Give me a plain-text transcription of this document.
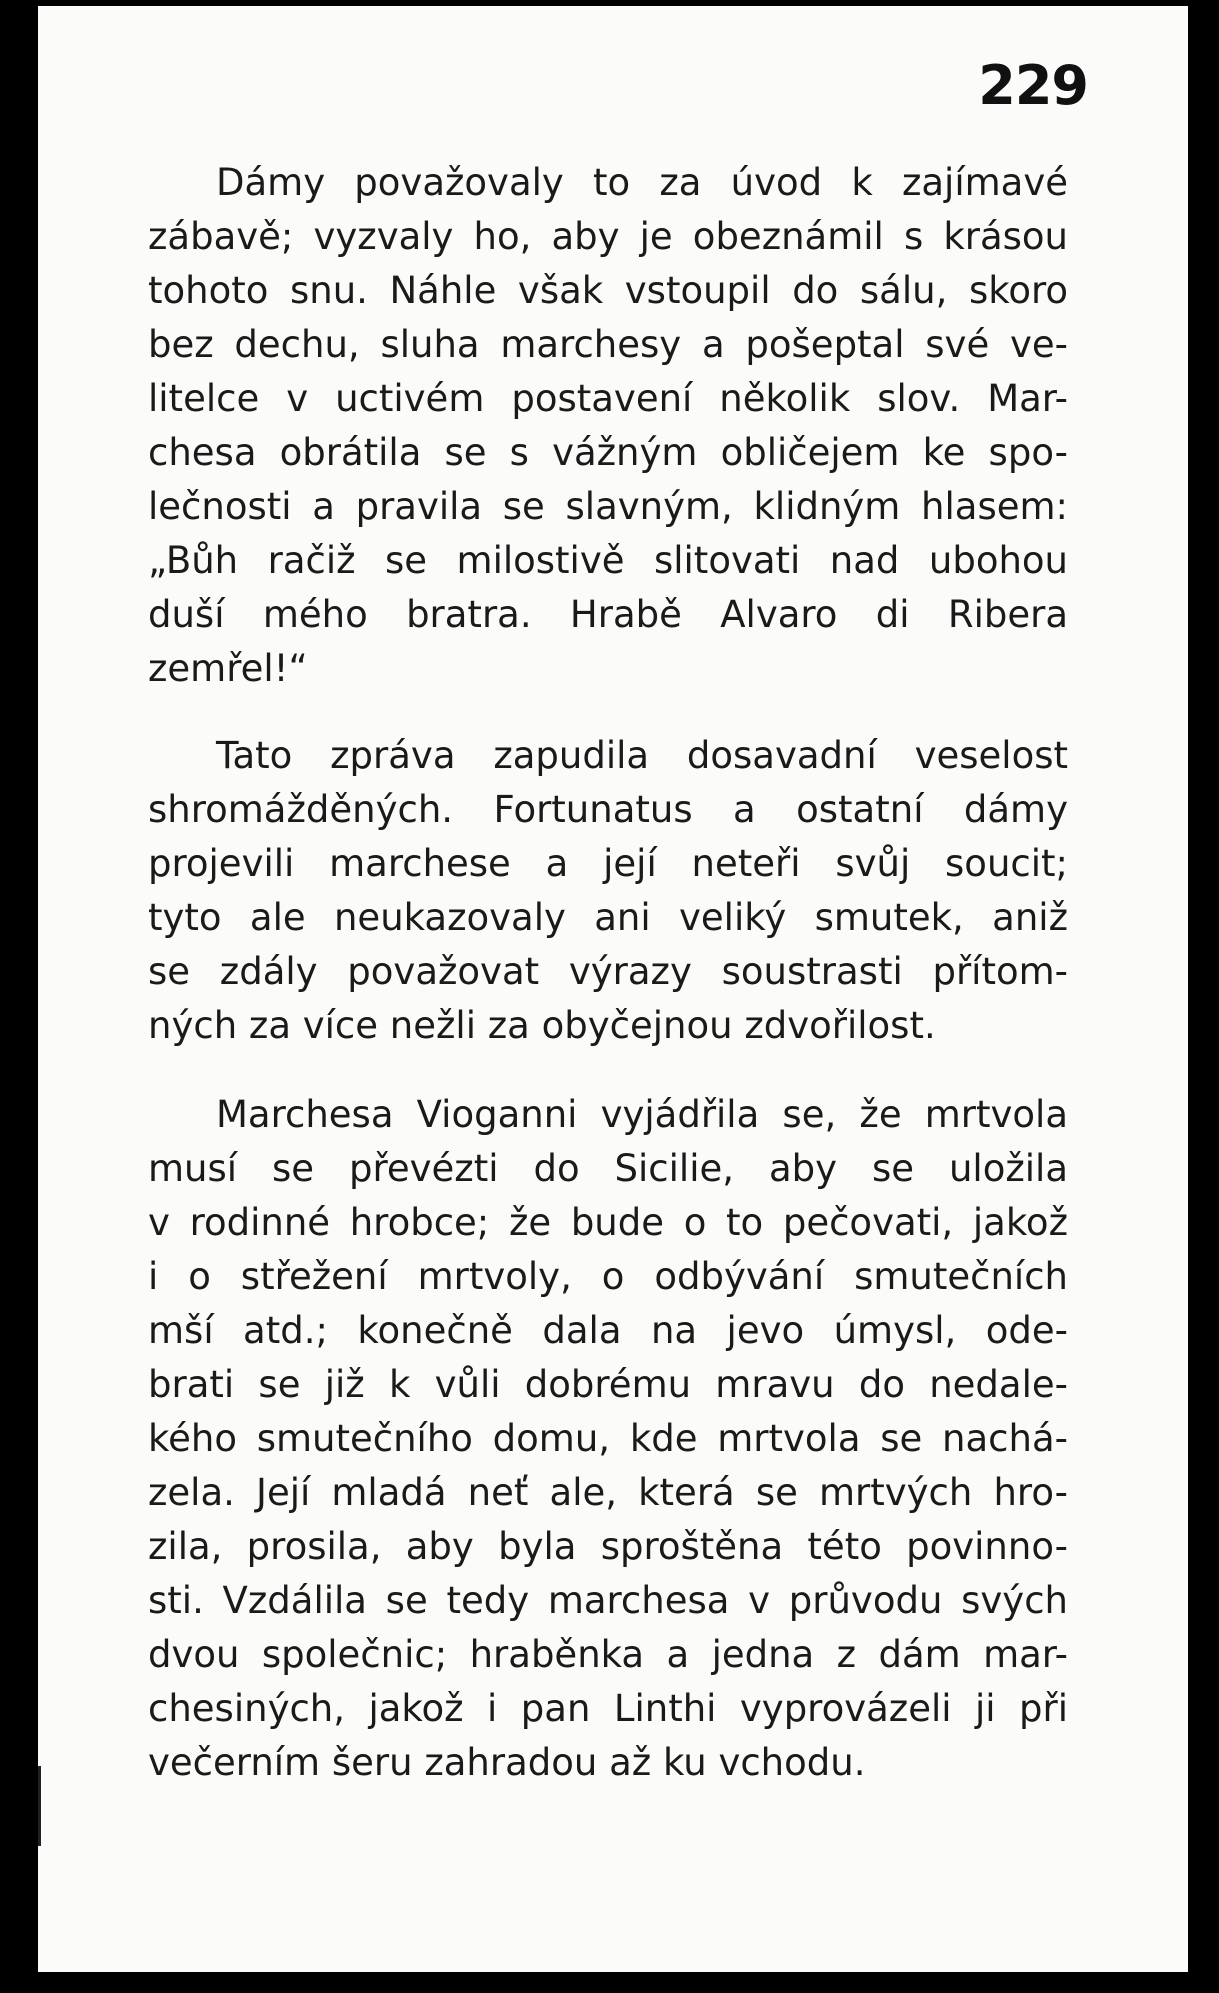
229
Dámy považovaly to za úvod k zajímavé
zábavě; vyzvaly ho, aby je obeznámil s krásou
tohoto snu. Náhle však vstoupil do sálu, skoro
bez dechu, sluha marchesy a pošeptal své ve-
litelce v uctivém postavení několik slov. Mar-
chesa obrátila se s vážným obličejem ke spo-
lečnosti a pravila se slavným, klidným hlasem:
„Bůh račiž se milostivě slitovati nad ubohou
duší mého bratra. Hrabě Alvaro di Ribera
zemřel!“
Tato zpráva zapudila dosavadní veselost
shromážděných. Fortunatus a ostatní dámy
projevili marchese a její neteři svůj soucit;
tyto ale neukazovaly ani veliký smutek, aniž
se zdály považovat výrazy soustrasti přítom-
ných za více nežli za obyčejnou zdvořilost.
Marchesa Vioganni vyjádřila se, že mrtvola
musí se převézti do Sicilie, aby se uložila
v rodinné hrobce; že bude o to pečovati, jakož
i o střežení mrtvoly, o odbývání smutečních
mší atd.; konečně dala na jevo úmysl, ode-
brati se již k vůli dobrému mravu do nedale-
kého smutečního domu, kde mrtvola se nachá-
zela. Její mladá neť ale, která se mrtvých hro-
zila, prosila, aby byla sproštěna této povinno-
sti. Vzdálila se tedy marchesa v průvodu svých
dvou společnic; hraběnka a jedna z dám mar-
chesiných, jakož i pan Linthi vyprovázeli ji při
večerním šeru zahradou až ku vchodu.
